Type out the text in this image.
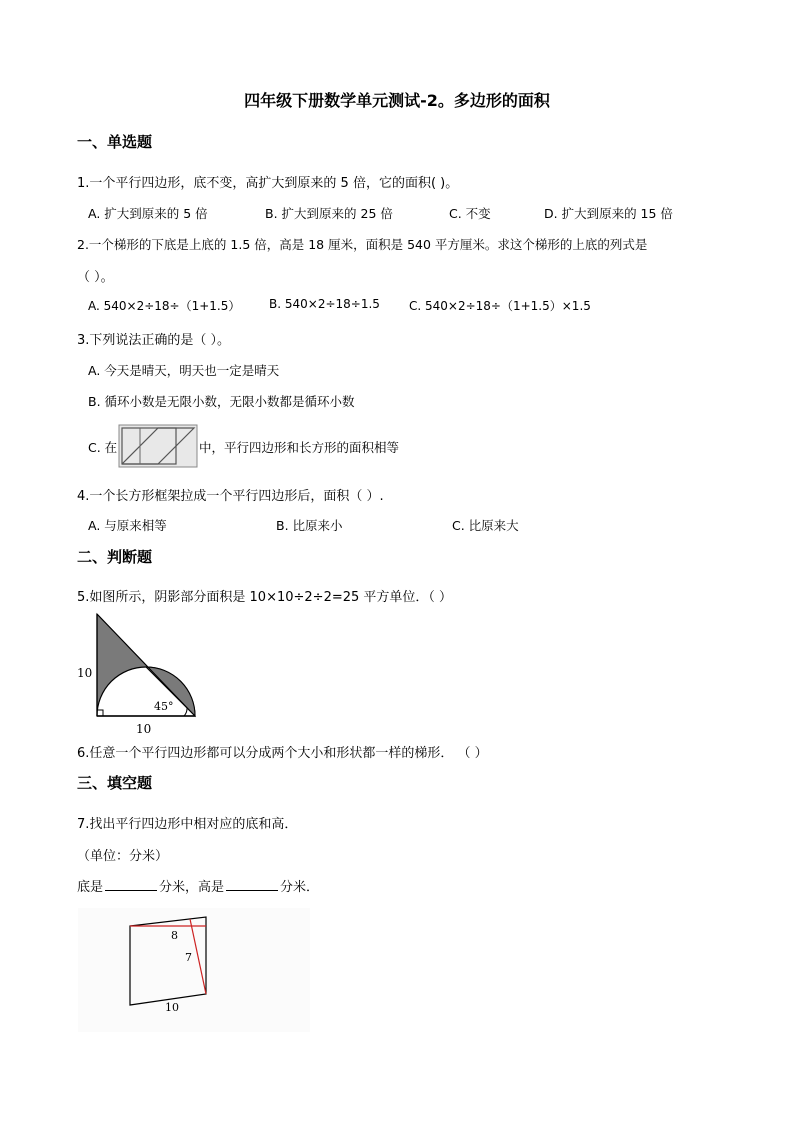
四年级下册数学单元测试-2。多边形的面积
一、单选题
1.一个平行四边形，底不变，高扩大到原来的 5 倍，它的面积( )。
A. 扩大到原来的 5 倍	B. 扩大到原来的 25 倍	C. 不变	D. 扩大到原来的 15 倍
2.一个梯形的下底是上底的 1.5 倍，高是 18 厘米，面积是 540 平方厘米。求这个梯形的上底的列式是
（ ）。
A. 540×2÷18÷（1+1.5） B. 540×2÷18÷1.5 C. 540×2÷18÷（1+1.5）×1.5
3.下列说法正确的是（ ）。
A. 今天是晴天，明天也一定是晴天
B. 循环小数是无限小数，无限小数都是循环小数
C. 在	中，平行四边形和长方形的面积相等
4.一个长方形框架拉成一个平行四边形后，面积（ ）.
A. 与原来相等	B. 比原来小	C. 比原来大
二、判断题
5.如图所示，阴影部分面积是 10×10÷2÷2=25 平方单位．（ ）
10
10
45°
6.任意一个平行四边形都可以分成两个大小和形状都一样的梯形． （ ）
三、填空题
7.找出平行四边形中相对应的底和高．
（单位：分米）
底是	分米，高是	分米．
8
7
10
